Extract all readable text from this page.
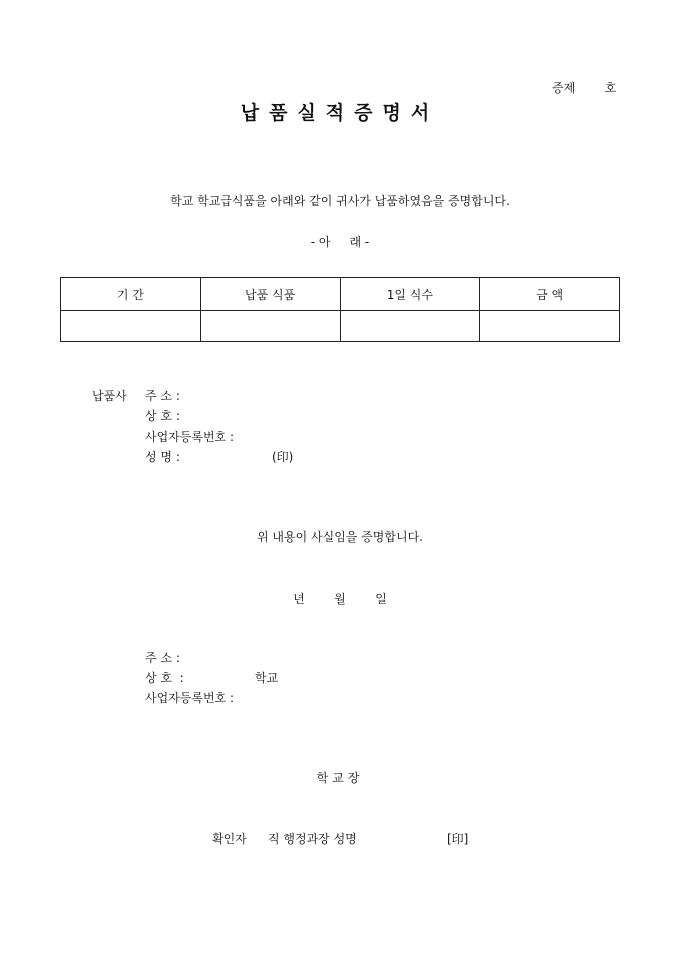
증제   호
납품실적증명서
학교 학교급식품을 아래와 같이 귀사가 납품하였음을 증명합니다.
- 아     래 -
기 간	납품 식품	1일 식수	금 액

납품사 주 소 :
상 호 :
사업자등록번호 :
성 명 :	(印)
위 내용이 사실임을 증명합니다.
년   월   일
주 소 :
상 호  :	학교
사업자등록번호 :
학교장
확인자 직 행정과장 성명	[印]
